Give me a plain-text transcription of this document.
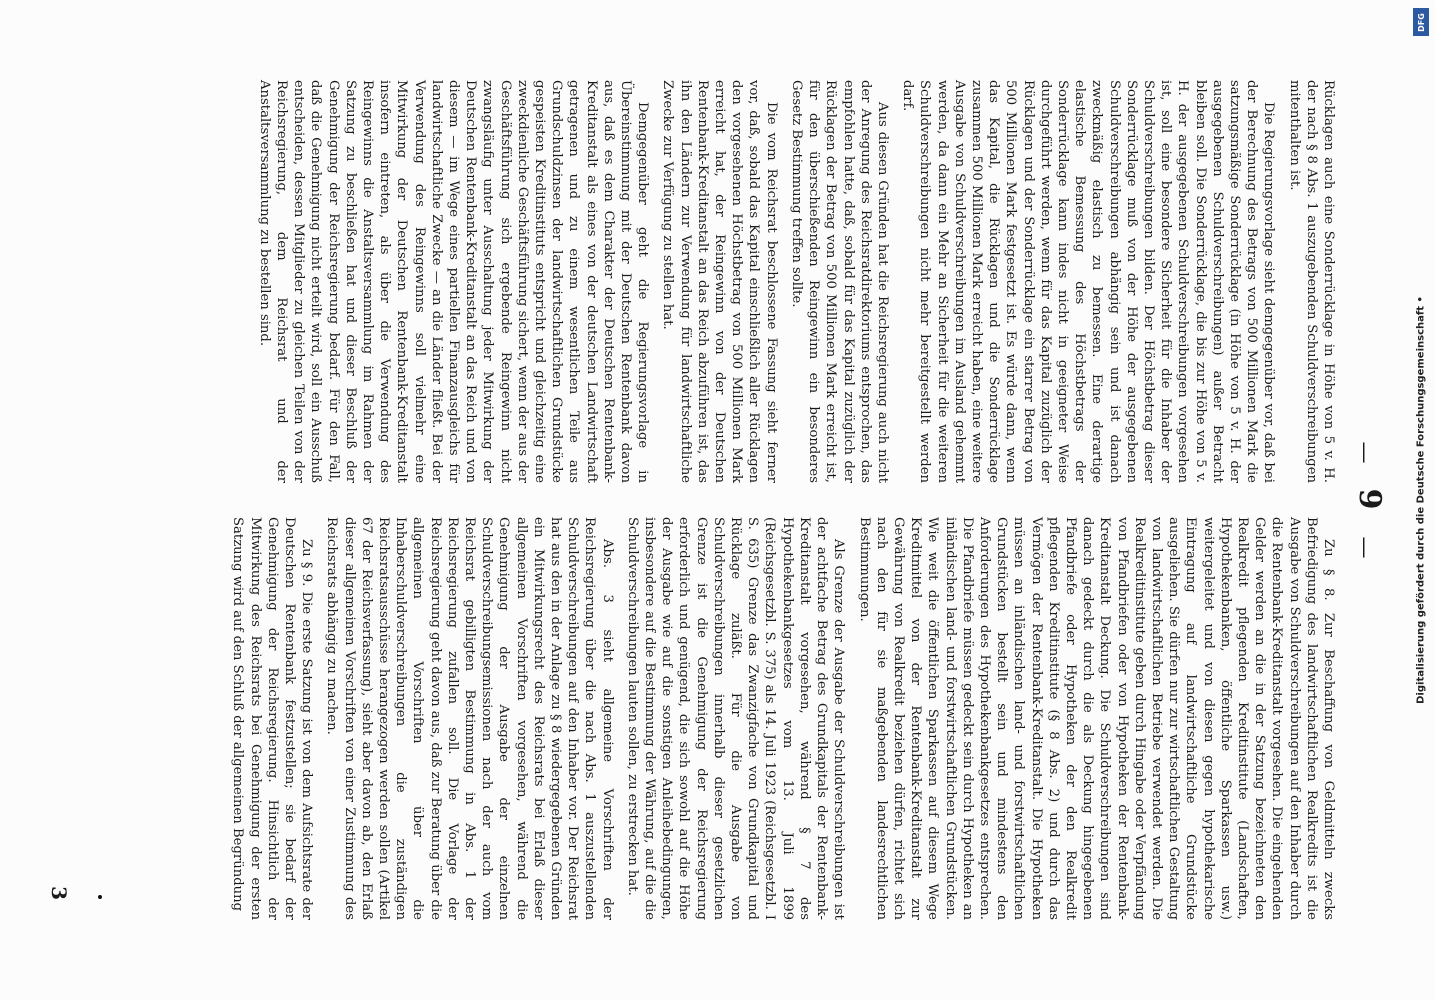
— 9 —

Rücklagen auch eine Sonderrücklage in Höhe von 5 v. H. der nach § 8 Abs. 1 auszugebenden Schuldverschreibungen mitenthalten ist.

Die Regierungsvorlage sieht demgegenüber vor, daß bei der Berechnung des Betrags von 500 Millionen Mark die satzungsmäßige Sonderrücklage (in Höhe von 5 v. H. der ausgegebenen Schuldverschreibungen) außer Betracht bleiben soll. Die Sonderrücklage, die bis zur Höhe von 5 v. H. der ausgegebenen Schuldverschreibungen vorgesehen ist, soll eine besondere Sicherheit für die Inhaber der Schuldverschreibungen bilden. Der Höchstbetrag dieser Sonderrücklage muß von der Höhe der ausgegebenen Schuldverschreibungen abhängig sein und ist danach zweckmäßig elastisch zu bemessen. Eine derartige elastische Bemessung des Höchstbetrags der Sonderrücklage kann indes nicht in geeigneter Weise durchgeführt werden, wenn für das Kapital zuzüglich der Rücklagen und der Sonderrücklage ein starrer Betrag von 500 Millionen Mark festgesetzt ist. Es würde dann, wenn das Kapital, die Rücklagen und die Sonderrücklage zusammen 500 Millionen Mark erreicht haben, eine weitere Ausgabe von Schuldverschreibungen im Ausland gehemmt werden, da dann ein Mehr an Sicherheit für die weiteren Schuldverschreibungen nicht mehr bereitgestellt werden darf.

Aus diesen Gründen hat die Reichsregierung auch nicht der Anregung des Reichsratdirektoriums entsprochen, das empfohlen hatte, daß, sobald für das Kapital zuzüglich der Rücklagen der Betrag von 500 Millionen Mark erreicht ist, für den überschießenden Reingewinn ein besonderes Gesetz Bestimmung treffen sollte.

Die vom Reichsrat beschlossene Fassung sieht ferner vor, daß, sobald das Kapital einschließlich aller Rücklagen den vorgesehenen Höchstbetrag von 500 Millionen Mark erreicht hat, der Reingewinn von der Deutschen Rentenbank-Kreditanstalt an das Reich abzuführen ist, das ihn den Ländern zur Verwendung für landwirtschaftliche Zwecke zur Verfügung zu stellen hat.

Demgegenüber geht die Regierungsvorlage in Übereinstimmung mit der Deutschen Rentenbank davon aus, daß es dem Charakter der Deutschen Rentenbank-Kreditanstalt als eines von der deutschen Landwirtschaft getragenen und zu einem wesentlichen Teile aus Grundschuldzinsen der landwirtschaftlichen Grundstücke gespeisten Kreditinstituts entspricht und gleichzeitig eine zweckdienliche Geschäftsführung sichert, wenn der aus der Geschäftsführung sich ergebende Reingewinn nicht zwangsläufig unter Ausschaltung jeder Mitwirkung der Deutschen Rentenbank-Kreditanstalt an das Reich und von diesem — im Wege eines partiellen Finanzausgleichs für landwirtschaftliche Zwecke — an die Länder fließt. Bei der Verwendung des Reingewinns soll vielmehr eine Mitwirkung der Deutschen Rentenbank-Kreditanstalt insofern eintreten, als über die Verwendung des Reingewinns die Anstaltsversammlung im Rahmen der Satzung zu beschließen hat und dieser Beschluß der Genehmigung der Reichsregierung bedarf. Für den Fall, daß die Genehmigung nicht erteilt wird, soll ein Ausschuß entscheiden, dessen Mitglieder zu gleichen Teilen von der Reichsregierung, dem Reichsrat und der Anstaltsversammlung zu bestellen sind.

Zu § 8. Zur Beschaffung von Geldmitteln zwecks Befriedigung des landwirtschaftlichen Realkredits ist die Ausgabe von Schuldverschreibungen auf den Inhaber durch die Rentenbank-Kreditanstalt vorgesehen. Die eingehenden Gelder werden an die in der Satzung bezeichneten den Realkredit pflegenden Kreditinstitute (Landschaften, Hypothekenbanken, öffentliche Sparkassen usw.) weitergeleitet und von diesen gegen hypothekarische Eintragung auf landwirtschaftliche Grundstücke ausgeliehen. Sie dürfen nur zur wirtschaftlichen Gestaltung von landwirtschaftlichen Betriebe verwendet werden. Die Realkreditinstitute geben durch Hingabe oder Verpfändung von Pfandbriefen oder von Hypotheken der Rentenbank-Kreditanstalt Deckung. Die Schuldverschreibungen sind danach gedeckt durch die als Deckung hingegebenen Pfandbriefe oder Hypotheken der den Realkredit pflegenden Kreditinstitute (§ 8 Abs. 2) und durch das Vermögen der Rentenbank-Kreditanstalt. Die Hypotheken müssen an inländischen land- und forstwirtschaftlichen Grundstücken bestellt sein und mindestens den Anforderungen des Hypothekenbankgesetzes entsprechen. Die Pfandbriefe müssen gedeckt sein durch Hypotheken an inländischen land- und forstwirtschaftlichen Grundstücken. Wie weit die öffentlichen Sparkassen auf diesem Wege Kreditmittel von der Rentenbank-Kreditanstalt zur Gewährung von Realkredit beziehen dürfen, richtet sich nach den für sie maßgebenden landesrechtlichen Bestimmungen.

Als Grenze der Ausgabe der Schuldverschreibungen ist der achtfache Betrag des Grundkapitals der Rentenbank-Kreditanstalt vorgesehen, während § 7 des Hypothekenbankgesetzes vom 13. Juli 1899 (Reichsgesetzbl. S. 375) als 14. Juli 1923 (Reichsgesetzbl. I S. 635) Grenze das Zwanzigfache von Grundkapital und Rücklage zuläßt. Für die Ausgabe von Schuldverschreibungen innerhalb dieser gesetzlichen Grenze ist die Genehmigung der Reichsregierung erforderlich und genügend, die sich sowohl auf die Höhe der Ausgabe wie auf die sonstigen Anleihebedingungen, insbesondere auf die Bestimmung der Währung, auf die die Schuldverschreibungen lauten sollen, zu erstrecken hat.

Abs. 3 sieht allgemeine Vorschriften der Reichsregierung über die nach Abs. 1 auszustellenden Schuldverschreibungen auf den Inhaber vor. Der Reichsrat hat aus den in der Anlage zu § 8 wiedergegebenen Gründen ein Mitwirkungsrecht des Reichsrats bei Erlaß dieser allgemeinen Vorschriften vorgesehen, während die Genehmigung der Ausgabe der einzelnen Schuldverschreibungsemissionen nach der auch vom Reichsrat gebilligten Bestimmung in Abs. 1 der Reichsregierung zufallen soll. Die Vorlage der Reichsregierung geht davon aus, daß zur Beratung über die allgemeinen Vorschriften über die Inhaberschuldverschreibungen die zuständigen Reichsratsausschüsse herangezogen werden sollen (Artikel 67 der Reichsverfassung), sieht aber davon ab, den Erlaß dieser allgemeinen Vorschriften von einer Zustimmung des Reichsrats abhängig zu machen.

Zu § 9. Die erste Satzung ist von dem Aufsichtsrate der Deutschen Rentenbank festzustellen; sie bedarf der Genehmigung der Reichsregierung. Hinsichtlich der Mitwirkung des Reichsrats bei Genehmigung der ersten Satzung wird auf den Schluß der allgemeinen Begründung

3
Digitalisierung gefördert durch die Deutsche Forschungsgemeinschaft •
DFG
